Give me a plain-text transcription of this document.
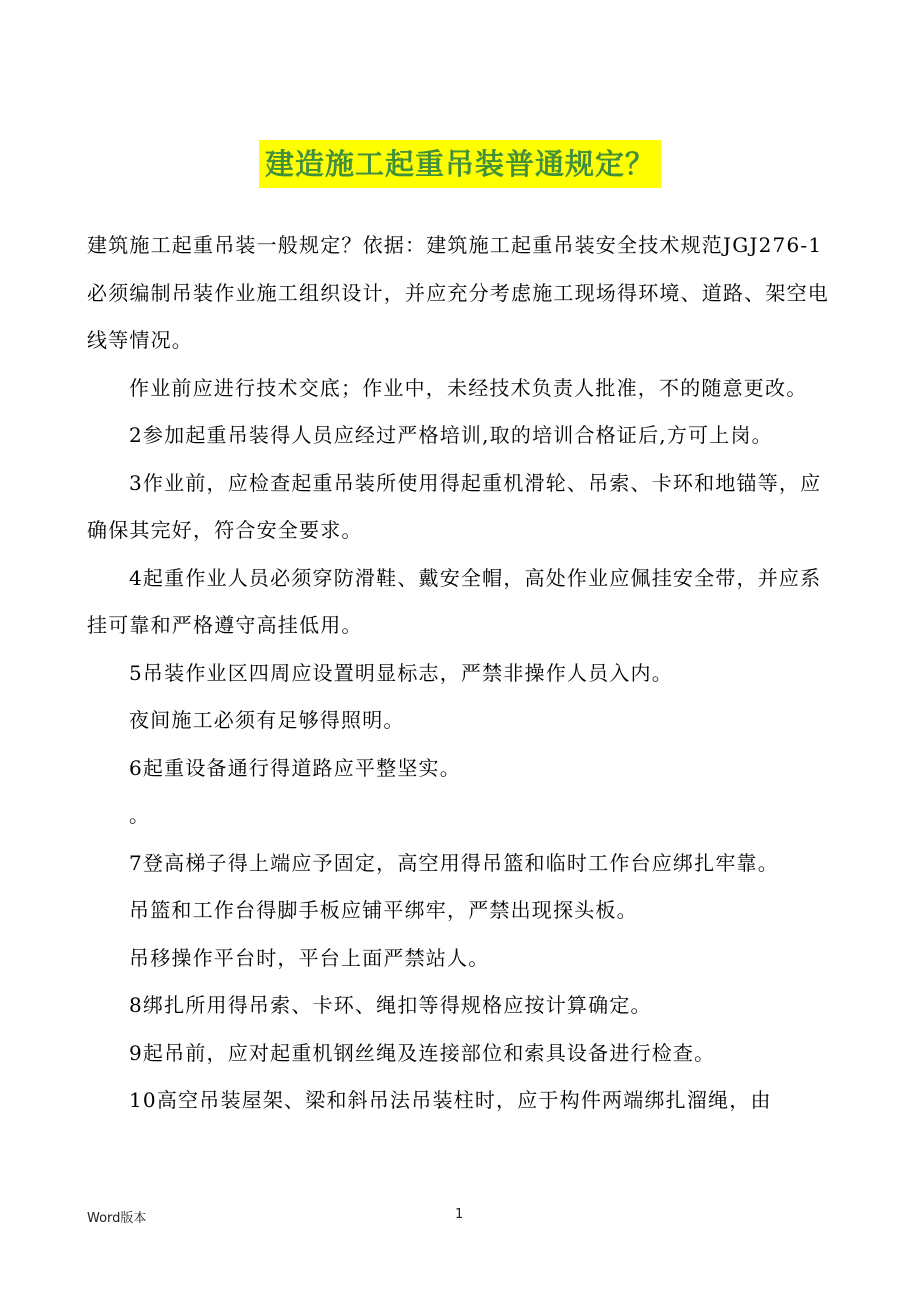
建造施工起重吊装普通规定？

建筑施工起重吊装一般规定？依据：建筑施工起重吊装安全技术规范JGJ276-1必须编制吊装作业施工组织设计，并应充分考虑施工现场得环境、道路、架空电线等情况。

作业前应进行技术交底；作业中，未经技术负责人批准，不的随意更改。

2参加起重吊装得人员应经过严格培训,取的培训合格证后,方可上岗。

3作业前，应检查起重吊装所使用得起重机滑轮、吊索、卡环和地锚等，应确保其完好，符合安全要求。

4起重作业人员必须穿防滑鞋、戴安全帽，高处作业应佩挂安全带，并应系挂可靠和严格遵守高挂低用。

5吊装作业区四周应设置明显标志，严禁非操作人员入内。

夜间施工必须有足够得照明。

6起重设备通行得道路应平整坚实。

。

7登高梯子得上端应予固定，高空用得吊篮和临时工作台应绑扎牢靠。

吊篮和工作台得脚手板应铺平绑牢，严禁出现探头板。

吊移操作平台时，平台上面严禁站人。

8绑扎所用得吊索、卡环、绳扣等得规格应按计算确定。

9起吊前，应对起重机钢丝绳及连接部位和索具设备进行检查。

10高空吊装屋架、梁和斜吊法吊装柱时，应于构件两端绑扎溜绳，由

Word版本	1
